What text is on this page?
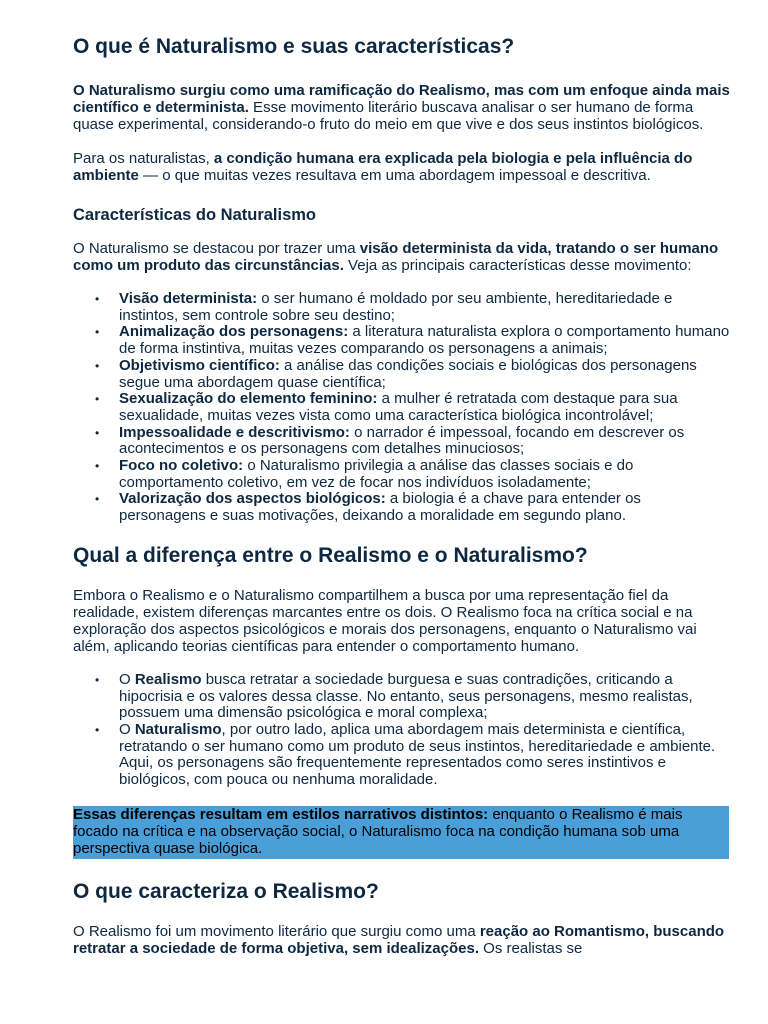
O que é Naturalismo e suas características?

O Naturalismo surgiu como uma ramificação do Realismo, mas com um enfoque ainda mais científico e determinista. Esse movimento literário buscava analisar o ser humano de forma quase experimental, considerando-o fruto do meio em que vive e dos seus instintos biológicos.

Para os naturalistas, a condição humana era explicada pela biologia e pela influência do ambiente — o que muitas vezes resultava em uma abordagem impessoal e descritiva.

Características do Naturalismo

O Naturalismo se destacou por trazer uma visão determinista da vida, tratando o ser humano como um produto das circunstâncias. Veja as principais características desse movimento:

•	Visão determinista: o ser humano é moldado por seu ambiente, hereditariedade e instintos, sem controle sobre seu destino;
•	Animalização dos personagens: a literatura naturalista explora o comportamento humano de forma instintiva, muitas vezes comparando os personagens a animais;
•	Objetivismo científico: a análise das condições sociais e biológicas dos personagens segue uma abordagem quase científica;
•	Sexualização do elemento feminino: a mulher é retratada com destaque para sua sexualidade, muitas vezes vista como uma característica biológica incontrolável;
•	Impessoalidade e descritivismo: o narrador é impessoal, focando em descrever os acontecimentos e os personagens com detalhes minuciosos;
•	Foco no coletivo: o Naturalismo privilegia a análise das classes sociais e do comportamento coletivo, em vez de focar nos indivíduos isoladamente;
•	Valorização dos aspectos biológicos: a biologia é a chave para entender os personagens e suas motivações, deixando a moralidade em segundo plano.
Qual a diferença entre o Realismo e o Naturalismo?

Embora o Realismo e o Naturalismo compartilhem a busca por uma representação fiel da realidade, existem diferenças marcantes entre os dois. O Realismo foca na crítica social e na exploração dos aspectos psicológicos e morais dos personagens, enquanto o Naturalismo vai além, aplicando teorias científicas para entender o comportamento humano.

•	O Realismo busca retratar a sociedade burguesa e suas contradições, criticando a hipocrisia e os valores dessa classe. No entanto, seus personagens, mesmo realistas, possuem uma dimensão psicológica e moral complexa;
•	O Naturalismo, por outro lado, aplica uma abordagem mais determinista e científica, retratando o ser humano como um produto de seus instintos, hereditariedade e ambiente. Aqui, os personagens são frequentemente representados como seres instintivos e biológicos, com pouca ou nenhuma moralidade.

Essas diferenças resultam em estilos narrativos distintos: enquanto o Realismo é mais focado na crítica e na observação social, o Naturalismo foca na condição humana sob uma perspectiva quase biológica.

O que caracteriza o Realismo?

O Realismo foi um movimento literário que surgiu como uma reação ao Romantismo, buscando retratar a sociedade de forma objetiva, sem idealizações. Os realistas se
